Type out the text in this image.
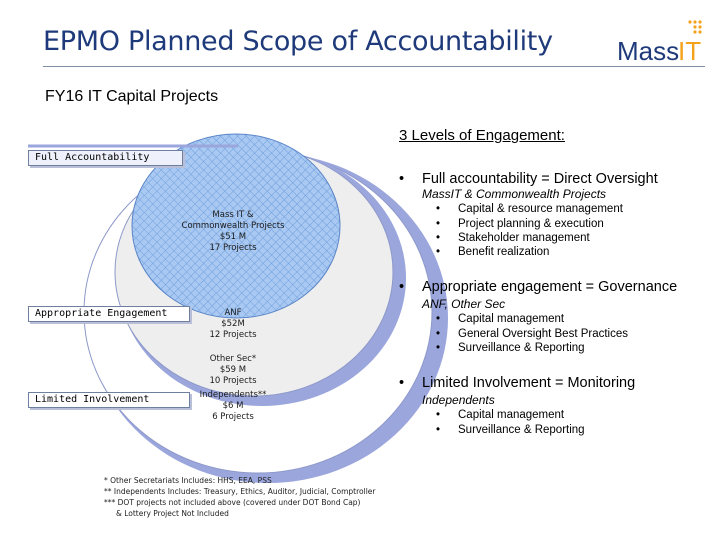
EPMO Planned Scope of Accountability Mass
IT
FY16 IT Capital Projects
Full Accountability
Appropriate Engagement
Limited Involvement
Mass IT &
Commonwealth Projects
$51 M
17 Projects
ANF
$52M
12 Projects
Other Sec*
$59 M
10 Projects
Independents**
$6 M
6 Projects
* Other Secretariats Includes: HHS, EEA, PSS
** Independents Includes: Treasury, Ethics, Auditor, Judicial, Comptroller
*** DOT projects not included above (covered under DOT Bond Cap)
& Lottery Project Not Included
3 Levels of Engagement:
• Full accountability = Direct Oversight
MassIT & Commonwealth Projects
• Capital & resource management
• Project planning & execution
• Stakeholder management
• Benefit realization
• Appropriate engagement = Governance
ANF, Other Sec
• Capital management
• General Oversight Best Practices
• Surveillance & Reporting
• Limited Involvement = Monitoring
Independents
• Capital management
• Surveillance & Reporting
